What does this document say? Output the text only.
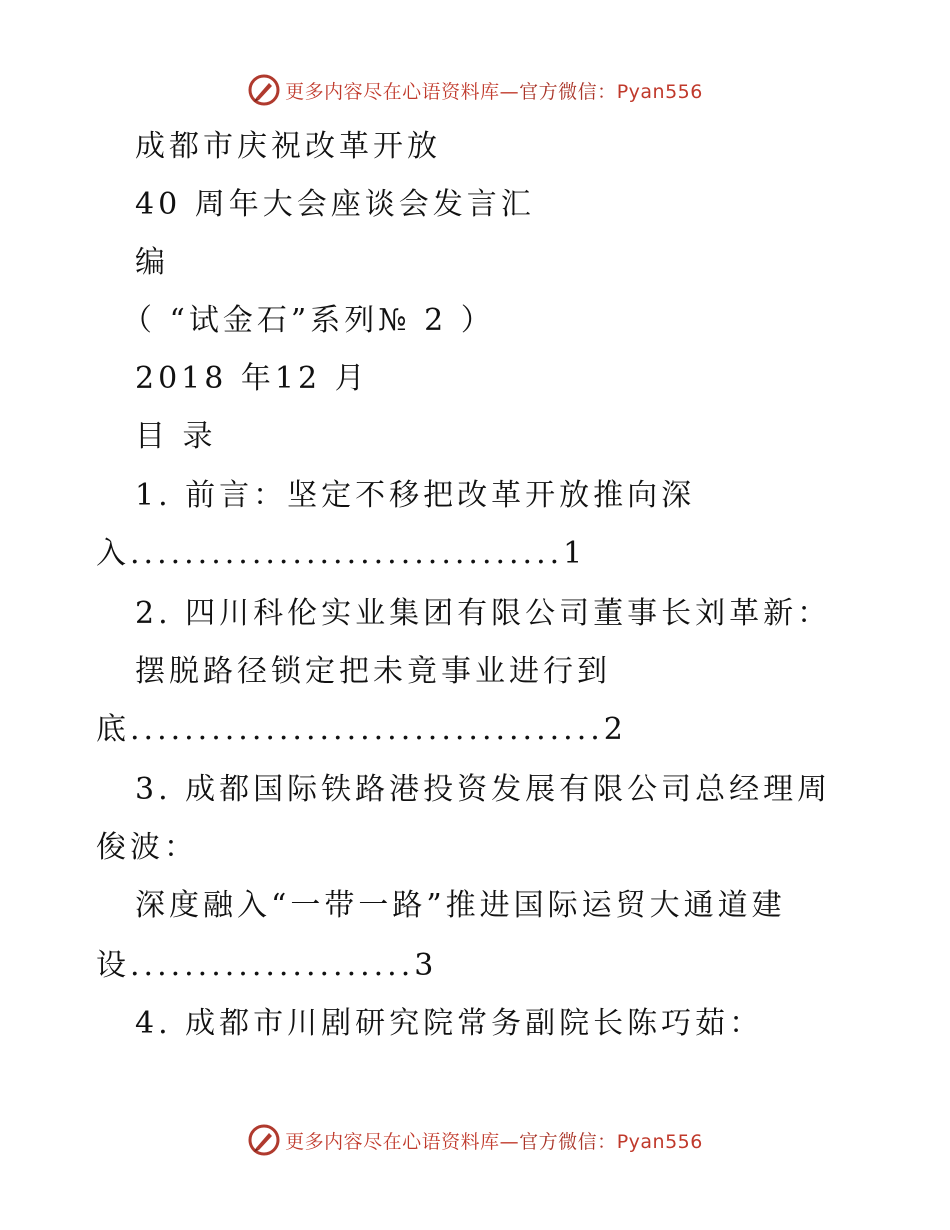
更多内容尽在心语资料库—官方微信：Pyan556
成都市庆祝改革开放
40 周年大会座谈会发言汇
编
（ “试金石”系列№ 2 ）
2018 年12 月
目 录
1. 前言：坚定不移把改革开放推向深
入................................1
2. 四川科伦实业集团有限公司董事长刘革新：
摆脱路径锁定把未竟事业进行到
底...................................2
3. 成都国际铁路港投资发展有限公司总经理周
俊波：
深度融入“一带一路”推进国际运贸大通道建
设.....................3
4. 成都市川剧研究院常务副院长陈巧茹：
更多内容尽在心语资料库—官方微信：Pyan556
